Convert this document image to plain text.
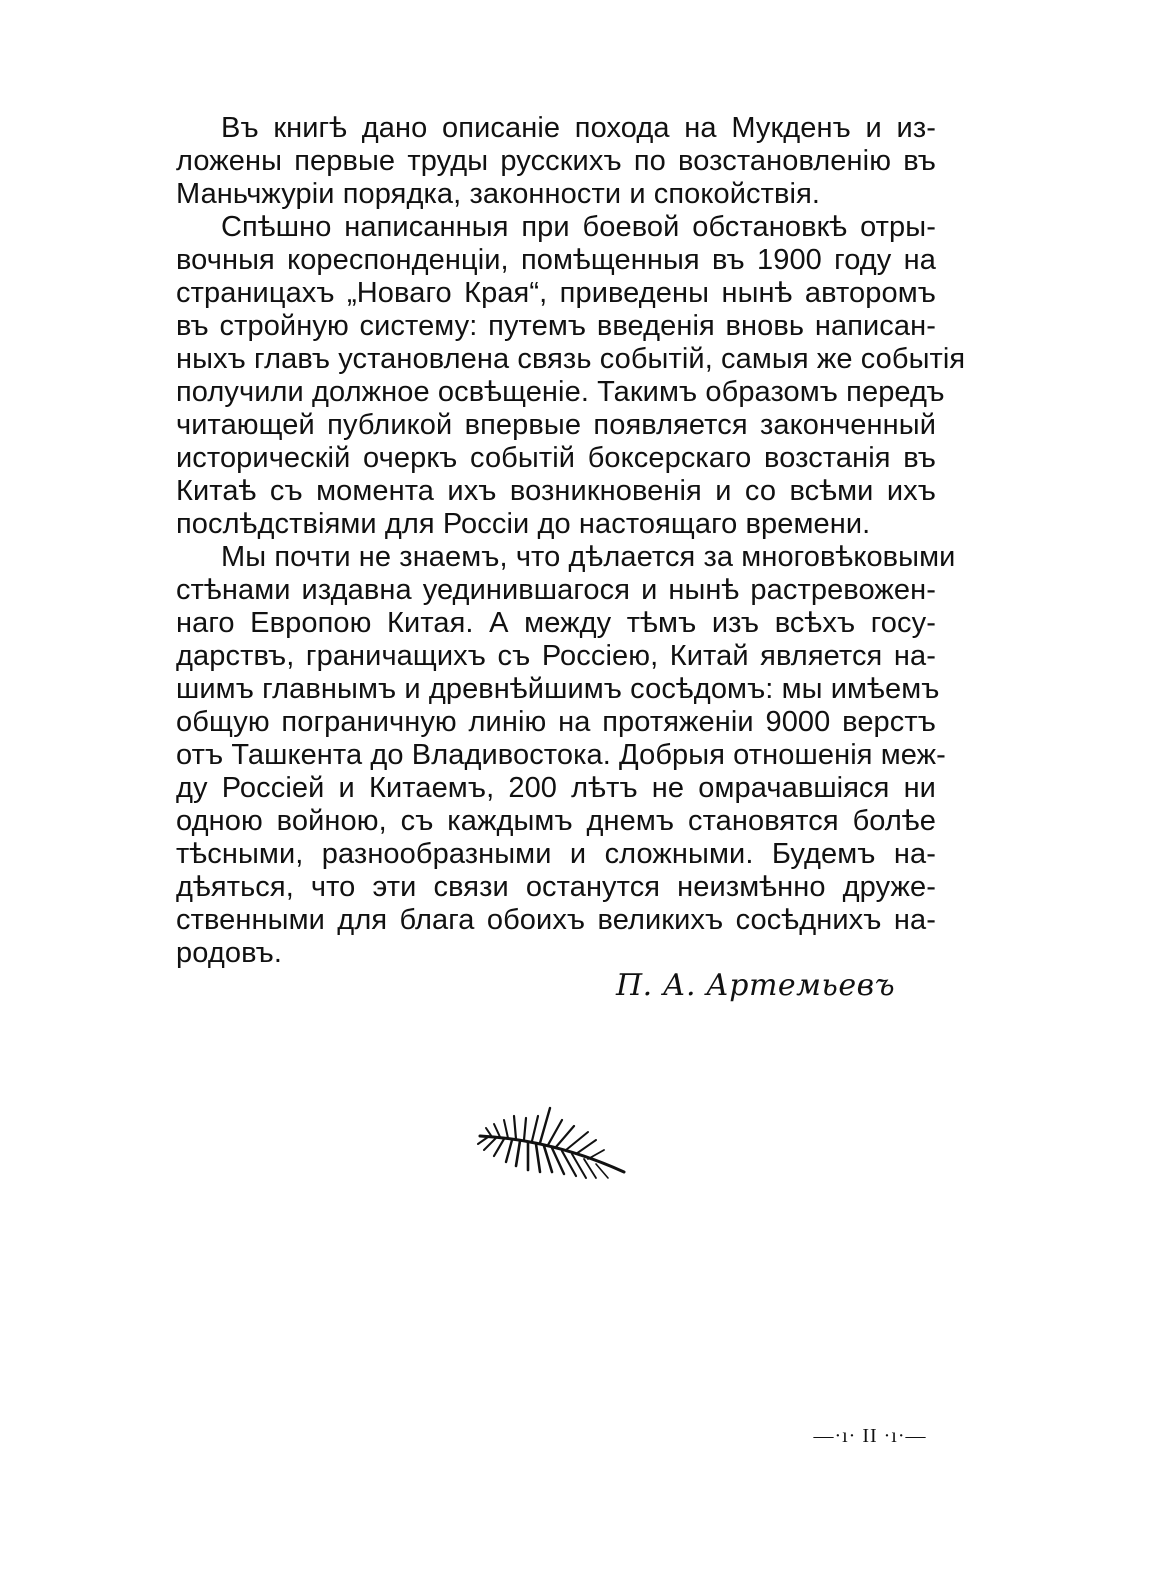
Въ книгѣ дано описаніе похода на Мукденъ и из-
ложены первые труды русскихъ по возстановленію въ
Маньчжуріи порядка, законности и спокойствія.
Спѣшно написанныя при боевой обстановкѣ отры-
вочныя кореспонденціи, помѣщенныя въ 1900 году на
страницахъ „Новаго Края“, приведены нынѣ авторомъ
въ стройную систему: путемъ введенія вновь написан-
ныхъ главъ установлена связь событій, самыя же событія
получили должное освѣщеніе. Такимъ образомъ передъ
читающей публикой впервые появляется законченный
историческій очеркъ событій боксерскаго возстанія въ
Китаѣ съ момента ихъ возникновенія и со всѣми ихъ
послѣдствіями для Россіи до настоящаго времени.
Мы почти не знаемъ, что дѣлается за многовѣковыми
стѣнами издавна уединившагося и нынѣ растревожен-
наго Европою Китая. А между тѣмъ изъ всѣхъ госу-
дарствъ, граничащихъ съ Россіею, Китай является на-
шимъ главнымъ и древнѣйшимъ сосѣдомъ: мы имѣемъ
общую пограничную линію на протяженіи 9000 верстъ
отъ Ташкента до Владивостока. Добрыя отношенія меж-
ду Россіей и Китаемъ, 200 лѣтъ не омрачавшіяся ни
одною войною, съ каждымъ днемъ становятся болѣе
тѣсными, разнообразными и сложными. Будемъ на-
дѣяться, что эти связи останутся неизмѣнно друже-
ственными для блага обоихъ великихъ сосѣднихъ на-
родовъ.
П. А. Артемьевъ
—·ı· II ·ı·—
